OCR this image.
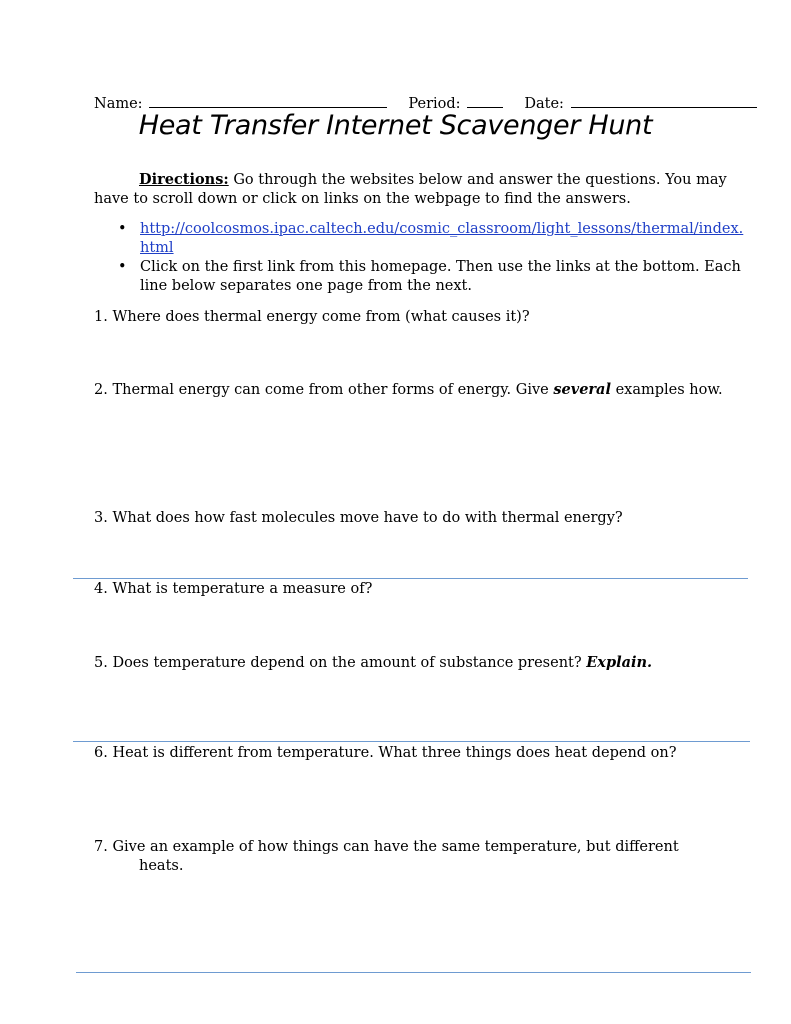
Name:	Period:	Date:
Heat Transfer Internet Scavenger Hunt
Directions: Go through the websites below and answer the questions. You may have to scroll down or click on links on the webpage to find the answers.
• http://coolcosmos.ipac.caltech.edu/cosmic_classroom/light_lessons/thermal/index.html
• Click on the first link from this homepage. Then use the links at the bottom. Each line below separates one page from the next.
1. Where does thermal energy come from (what causes it)?
2. Thermal energy can come from other forms of energy. Give several examples how.
3. What does how fast molecules move have to do with thermal energy?
4. What is temperature a measure of?
5. Does temperature depend on the amount of substance present? Explain.
6. Heat is different from temperature. What three things does heat depend on?
7. Give an example of how things can have the same temperature, but different
heats.
